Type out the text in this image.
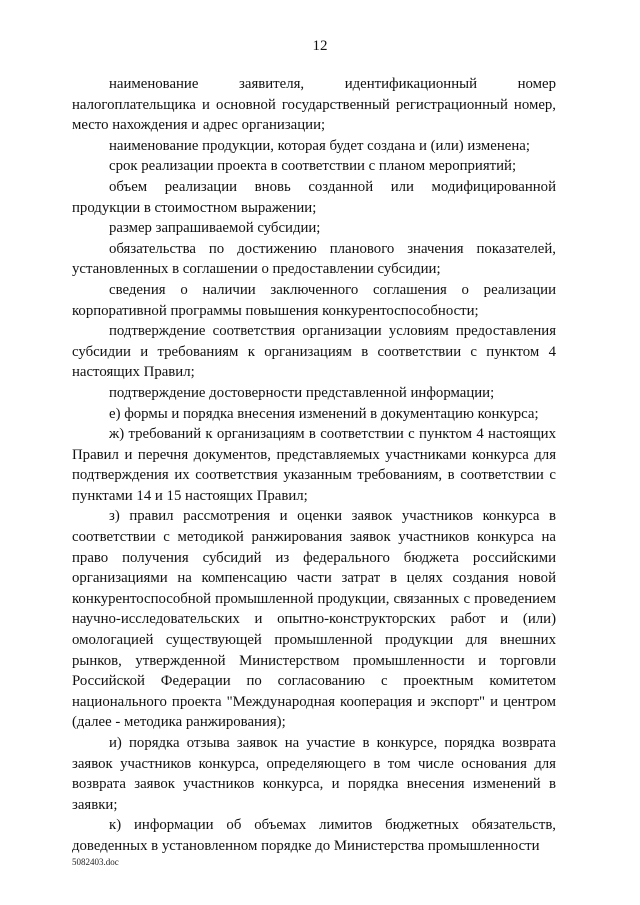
12

наименование заявителя, идентификационный номер налогоплательщика и основной государственный регистрационный номер, место нахождения и адрес организации;

наименование продукции, которая будет создана и (или) изменена;

срок реализации проекта в соответствии с планом мероприятий;

объем реализации вновь созданной или модифицированной продукции в стоимостном выражении;

размер запрашиваемой субсидии;

обязательства по достижению планового значения показателей, установленных в соглашении о предоставлении субсидии;

сведения о наличии заключенного соглашения о реализации корпоративной программы повышения конкурентоспособности;

подтверждение соответствия организации условиям предоставления субсидии и требованиям к организациям в соответствии с пунктом 4 настоящих Правил;

подтверждение достоверности представленной информации;

е) формы и порядка внесения изменений в документацию конкурса;

ж) требований к организациям в соответствии с пунктом 4 настоящих Правил и перечня документов, представляемых участниками конкурса для подтверждения их соответствия указанным требованиям, в соответствии с пунктами 14 и 15 настоящих Правил;

з) правил рассмотрения и оценки заявок участников конкурса в соответствии с методикой ранжирования заявок участников конкурса на право получения субсидий из федерального бюджета российскими организациями на компенсацию части затрат в целях создания новой конкурентоспособной промышленной продукции, связанных с проведением научно-исследовательских и опытно-конструкторских работ и (или) омологацией существующей промышленной продукции для внешних рынков, утвержденной Министерством промышленности и торговли Российской Федерации по согласованию с проектным комитетом национального проекта "Международная кооперация и экспорт" и центром (далее - методика ранжирования);

и) порядка отзыва заявок на участие в конкурсе, порядка возврата заявок участников конкурса, определяющего в том числе основания для возврата заявок участников конкурса, и порядка внесения изменений в заявки;

к) информации об объемах лимитов бюджетных обязательств, доведенных в установленном порядке до Министерства промышленности

5082403.doc
